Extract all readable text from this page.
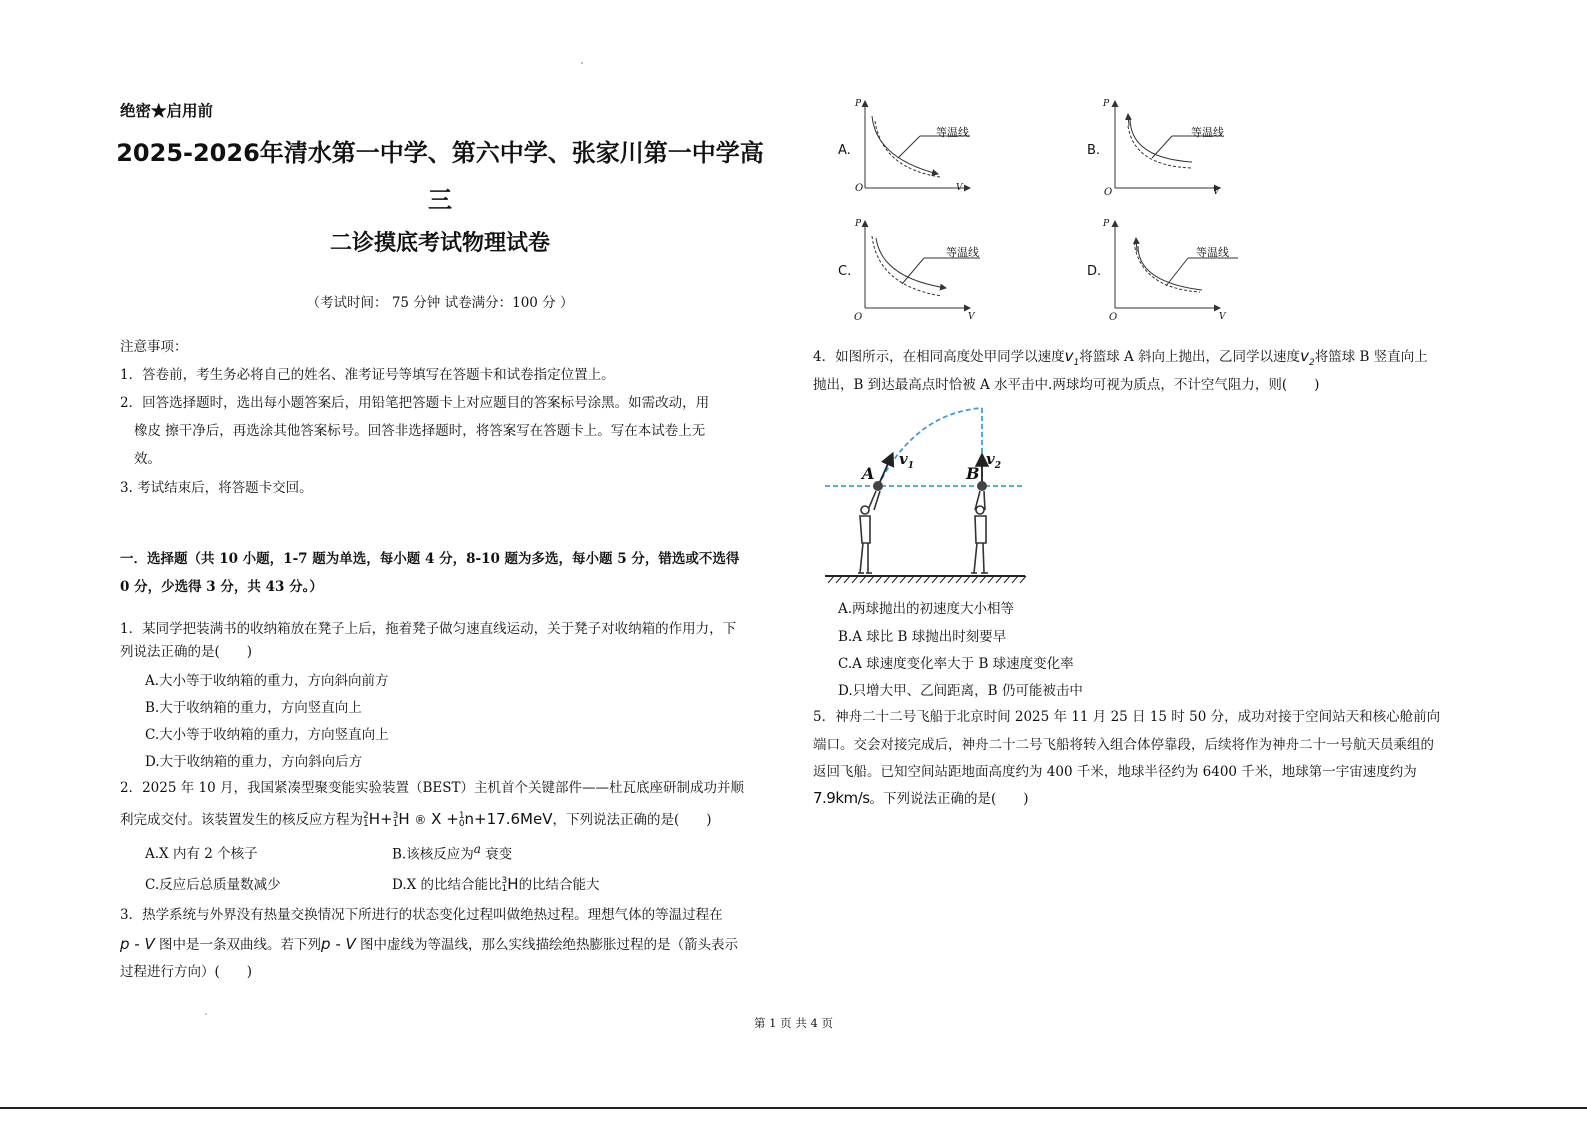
绝密★启用前
2025-2026年清水第一中学、第六中学、张家川第一中学高
三
二诊摸底考试物理试卷
（考试时间： 75 分钟 试卷满分：100 分 ）
注意事项：
1．答卷前，考生务必将自己的姓名、准考证号等填写在答题卡和试卷指定位置上。
2．回答选择题时，选出每小题答案后，用铅笔把答题卡上对应题目的答案标号涂黑。如需改动，用
橡皮 擦干净后，再选涂其他答案标号。回答非选择题时，将答案写在答题卡上。写在本试卷上无
效。
3. 考试结束后，将答题卡交回。
一．选择题（共 10 小题，1-7 题为单选，每小题 4 分，8-10 题为多选，每小题 5 分，错选或不选得
0 分，少选得 3 分，共 43 分。）
1．某同学把装满书的收纳箱放在凳子上后，拖着凳子做匀速直线运动，关于凳子对收纳箱的作用力，下
列说法正确的是(　　)
A.大小等于收纳箱的重力，方向斜向前方
B.大于收纳箱的重力，方向竖直向上
C.大小等于收纳箱的重力，方向竖直向上
D.大于收纳箱的重力，方向斜向后方
2．2025 年 10 月，我国紧凑型聚变能实验装置（BEST）主机首个关键部件——杜瓦底座研制成功并顺
利完成交付。该装置发生的核反应方程为2
1H+3
1H ® X +1
0n+17.6MeV，下列说法正确的是(　　)
A.X 内有 2 个核子	B.该核反应为a 衰变
C.反应后总质量数减少	D.X 的比结合能比3
1H的比结合能大
3．热学系统与外界没有热量交换情况下所进行的状态变化过程叫做绝热过程。理想气体的等温过程在
p - V 图中是一条双曲线。若下列p - V 图中虚线为等温线，那么实线描绘绝热膨胀过程的是（箭头表示
过程进行方向）(　　)
A.	B.
C.	D.
P
V
O
等温线
P
V
O
等温线
P
V
O
等温线
P
V
O
等温线
4．如图所示，在相同高度处甲同学以速度$v_1$将篮球 A 斜向上抛出，乙同学以速度$v_2$将篮球 B 竖直向上
抛出，B 到达最高点时恰被 A 水平击中.两球均可视为质点，不计空气阻力，则(　　)
A	B
$v_1$	$v_2$
A.两球抛出的初速度大小相等
B.A 球比 B 球抛出时刻要早
C.A 球速度变化率大于 B 球速度变化率
D.只增大甲、乙间距离，B 仍可能被击中
5．神舟二十二号飞船于北京时间 2025 年 11 月 25 日 15 时 50 分，成功对接于空间站天和核心舱前向
端口。交会对接完成后，神舟二十二号飞船将转入组合体停靠段，后续将作为神舟二十一号航天员乘组的
返回飞船。已知空间站距地面高度约为 400 千米，地球半径约为 6400 千米，地球第一宇宙速度约为
7.9km/s。下列说法正确的是(　　)
第 1 页 共 4 页
